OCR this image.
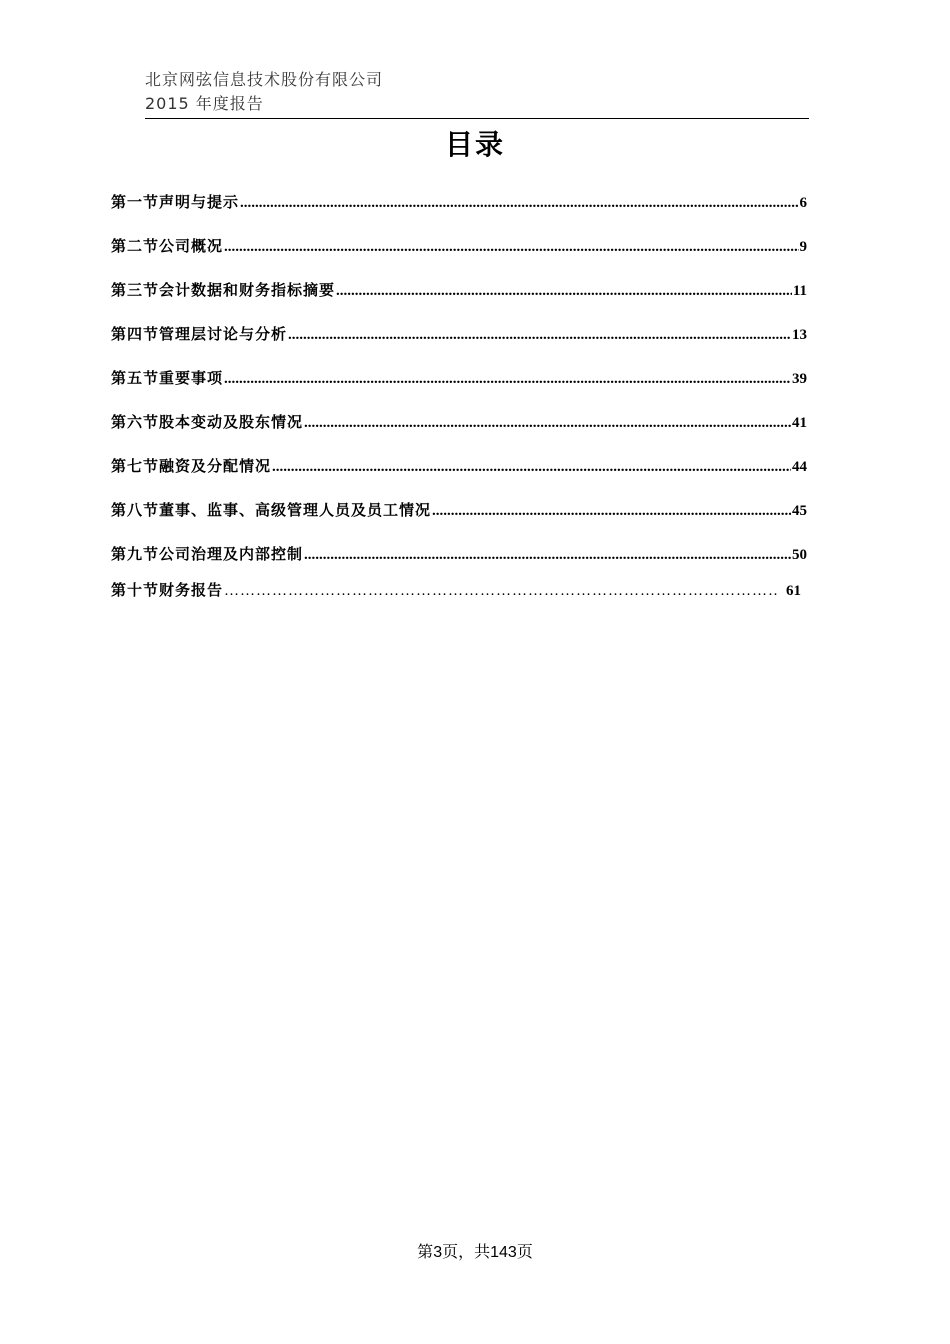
北京网弦信息技术股份有限公司
2015 年度报告
目录
第一节声明与提示 .....	6
第二节公司概况 .....	9
第三节会计数据和财务指标摘要 .....	11
第四节管理层讨论与分析 .....	13
第五节重要事项 .....	39
第六节股本变动及股东情况 .....	41
第七节融资及分配情况 .....	44
第八节董事、监事、高级管理人员及员工情况 .....	45
第九节公司治理及内部控制 .....	50
第十节财务报告 ………………………………………………………………………………………………………………………	61
第3页，共143页
